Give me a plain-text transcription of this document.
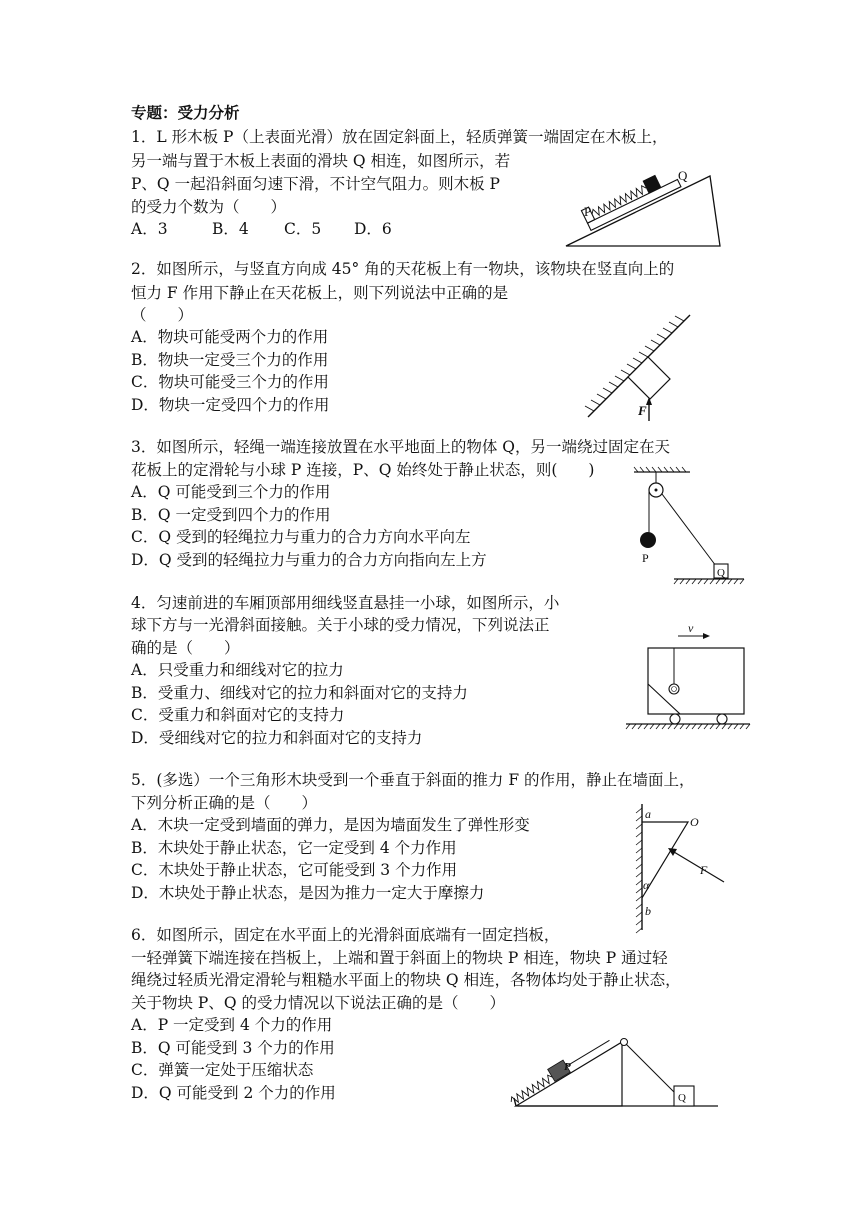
专题：受力分析
1．L 形木板 P（上表面光滑）放在固定斜面上，轻质弹簧一端固定在木板上，
另一端与置于木板上表面的滑块 Q 相连，如图所示，若
P、Q 一起沿斜面匀速下滑，不计空气阻力。则木板 P
的受力个数为（　　）
A．3	B．4 C．5 D．6
P
Q
2．如图所示，与竖直方向成 45° 角的天花板上有一物块，该物块在竖直向上的
恒力 F 作用下静止在天花板上，则下列说法中正确的是
（　　）
A．物块可能受两个力的作用
B．物块一定受三个力的作用
C．物块可能受三个力的作用
D．物块一定受四个力的作用	F
3．如图所示，轻绳一端连接放置在水平地面上的物体 Q，另一端绕过固定在天
花板上的定滑轮与小球 P 连接，P、Q 始终处于静止状态，则(　　)
A．Q 可能受到三个力的作用
B．Q 一定受到四个力的作用
C．Q 受到的轻绳拉力与重力的合力方向水平向左
D．Q 受到的轻绳拉力与重力的合力方向指向左上方	P
Q
4．匀速前进的车厢顶部用细线竖直悬挂一小球，如图所示，小
球下方与一光滑斜面接触。关于小球的受力情况，下列说法正
确的是（　　）
A．只受重力和细线对它的拉力
B．受重力、细线对它的拉力和斜面对它的支持力
C．受重力和斜面对它的支持力
D．受细线对它的拉力和斜面对它的支持力
v
5．(多选）一个三角形木块受到一个垂直于斜面的推力 F 的作用，静止在墙面上，
下列分析正确的是（　　）
A．木块一定受到墙面的弹力，是因为墙面发生了弹性形变
B．木块处于静止状态，它一定受到 4 个力作用
C．木块处于静止状态，它可能受到 3 个力作用
D．木块处于静止状态，是因为推力一定大于摩擦力
a
O
α
b
F
6．如图所示，固定在水平面上的光滑斜面底端有一固定挡板，
一轻弹簧下端连接在挡板上，上端和置于斜面上的物块 P 相连，物块 P 通过轻
绳绕过轻质光滑定滑轮与粗糙水平面上的物块 Q 相连，各物体均处于静止状态，
关于物块 P、Q 的受力情况以下说法正确的是（　　）
A．P 一定受到 4 个力的作用
B．Q 可能受到 3 个力的作用
C．弹簧一定处于压缩状态
D．Q 可能受到 2 个力的作用
P
Q
